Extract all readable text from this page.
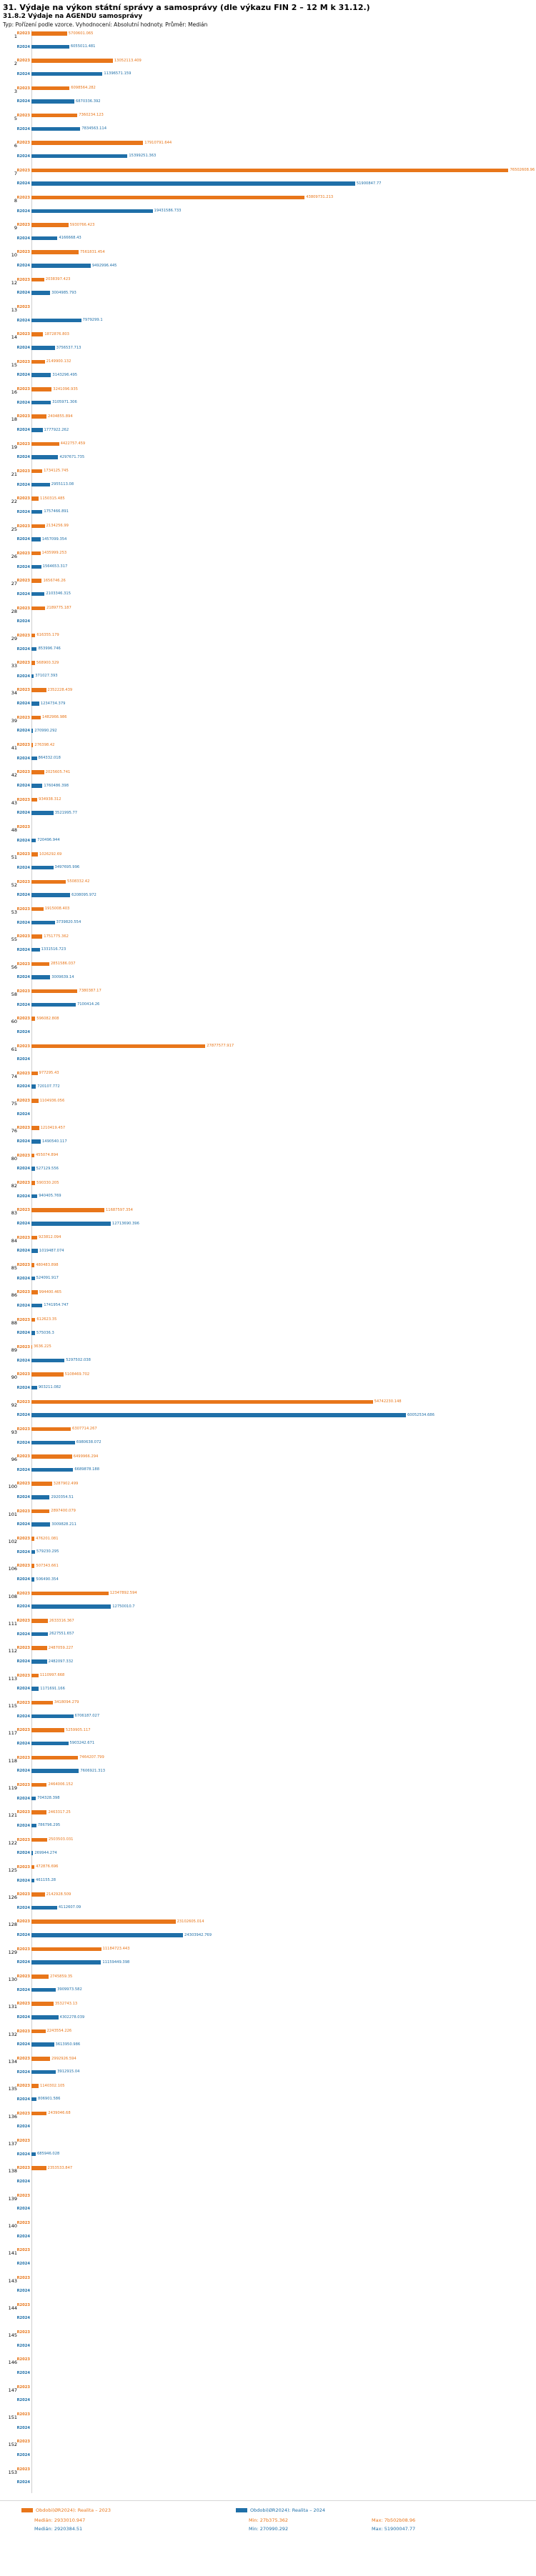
31. Výdaje na výkon státní správy a samosprávy (dle výkazu FIN 2 – 12 M k 31.12.)
31.8.2 Výdaje na AGENDU samosprávy
Typ: Pořízení podle vzorce. Vyhodnocení: Absolutní hodnoty. Průměr: Medián
1 R2023	5700601.065
R2024	6055011.481
2 R2023	13052113.409
R2024	11396571.159
3 R2023	6098564.282
R2024	6870336.392
5 R2023	7360234.123
R2024	7834563.114
6 R2023	17910791.644
R2024	15399251.363
7 R2023	76502608.96
R2024	51900847.77
8 R2023	43809731.213
R2024	19431586.733
9 R2023	5930766.423
R2024	4166668.43
10 R2023	7561831.454
R2024	9492996.445
12 R2023	2038397.423
R2024	3004985.793
13 R2023
R2024	7979299.1
14 R2023	1872876.803
R2024	3756537.713
15 R2023	2149900.132
R2024	3143296.495
16 R2023	3241096.935
R2024	3105971.306
18 R2023	2404855.894
R2024	1777922.262
19 R2023	4422757.459
R2024	4297671.735
21 R2023	1734125.745
R2024	2955113.08
22 R2023	1150315.485
R2024	1757466.891
25 R2023	2134256.99
R2024	1457099.354
26 R2023	1435999.253
R2024	1564653.317
27 R2023	1656746.26
R2024	2103346.315
28 R2023	2189775.187
R2024
29 R2023 616355.179
R2024 853996.746
33 R2023 568900.329
R2024 371027.393
34 R2023	2352228.439
R2024	1234734.379
39 R2023	1482966.986
R2024 270990.292
41 R2023 276398.42
R2024 864332.018
42 R2023	2025605.741
R2024	1760486.398
43 R2023 934938.312
R2024	3521995.77
48 R2023
R2024 720496.944
51 R2023 1026292.69
R2024	3497695.996
52 R2023	5508332.42
R2024	6208095.972
53 R2023	1915008.403
R2024	3739820.554
55 R2023	1751775.362
R2024	1331516.723
56 R2023	2851586.037
R2024	3009639.14
58 R2023	7380387.17
R2024	7100414.26
60 R2023 596082.808
R2024
61 R2023	27877577.917
R2024
74 R2023 977295.43
R2024 720107.772
75 R2023	1104936.056
R2024
76 R2023	1210419.457
R2024	1490540.117
80 R2023 455074.894
R2024 527129.556
82 R2023 590330.205
R2024 940405.769
83 R2023	11687597.354
R2024	12713690.396
84 R2023 923812.094
R2024 1019487.074
85 R2023 480483.898
R2024 524091.917
86 R2023 994400.465
R2024	1741954.747
88 R2023 612623.35
R2024 575036.3
89 R2023 3636.225
R2024	5297502.038
90 R2023	5108469.702
R2024 903211.082
92 R2023	54742230.148
R2024	60052534.686
93 R2023	6307714.267
R2024	6980638.072
96 R2023	6499966.294
R2024	6689878.188
100 R2023	3287902.499
R2024	2920354.51
101 R2023	2897400.079
R2024	3009828.211
102 R2023 476201.081
R2024 579230.295
106 R2023 507343.661
R2024 506490.354
108 R2023	12347892.594
R2024	12750010.7
111 R2023	2633316.367
R2024	2627551.657
112 R2023	2487059.227
R2024	2482097.332
113 R2023	1110997.668
R2024	1171691.166
115 R2023	3418094.279
R2024	6706187.027
117 R2023	5259905.117
R2024	5903242.671
118 R2023	7464207.799
R2024	7606921.313
119 R2023	2464006.152
R2024 704328.398
121 R2023	2463317.25
R2024 786796.295
122 R2023	2503503.031
R2024 269944.274
125 R2023 472876.696
R2024 461155.28
126 R2023	2142928.509
R2024	4112607.09
128 R2023	23102605.014
R2024	24303942.769
129 R2023	11184723.443
R2024	11159449.398
130 R2023	2745859.35
R2024	3909973.582
131 R2023	3532743.13
R2024	4302278.039
132 R2023	2243554.226
R2024	3613950.986
134 R2023	2992926.594
R2024	3912915.04
135 R2023	1140302.105
R2024 806901.586
136 R2023	2439046.68
R2024
137 R2023
R2024 685946.028
138 R2023	2353533.847
R2024
139 R2023
R2024
140 R2023
R2024
141 R2023
R2024
143 R2023
R2024
144 R2023
R2024
145 R2023
R2024
146 R2023
R2024
147 R2023
R2024
151 R2023
R2024
152 R2023
R2024
153 R2023
R2024
Obdobi(ØR2024): Realita – 2023	Obdobi(ØR2024): Realita – 2024
Medián: 2933010.947
Medián: 2920384.51
Min: 27b375.362
Min: 270990.292
Max: 7b502b08.96
Max: 51900047.77
